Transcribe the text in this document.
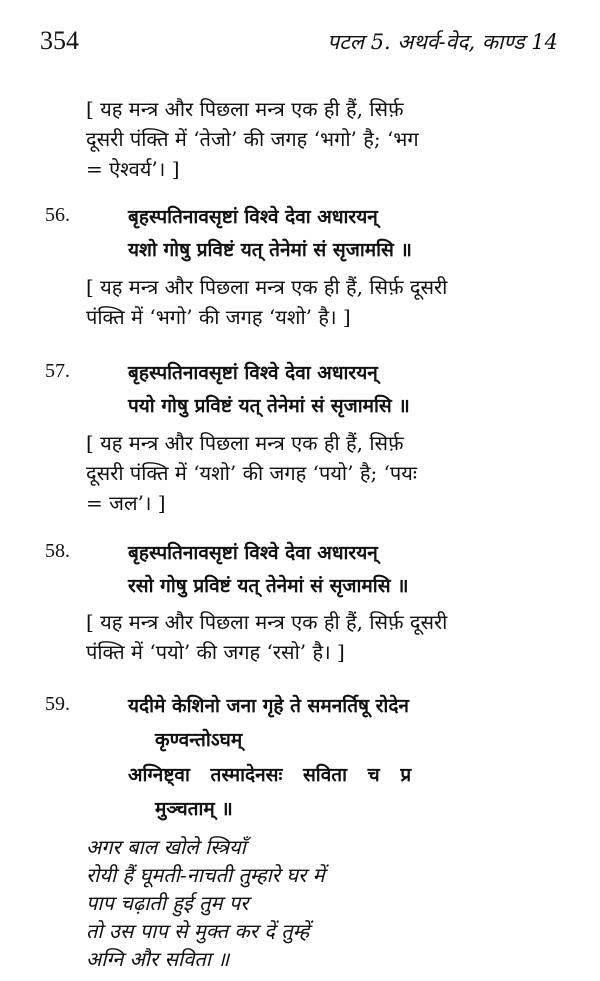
354	पटल 5. अथर्व-वेद, काण्ड 14
[ यह मन्त्र और पिछला मन्त्र एक ही हैं, सिर्फ़
दूसरी पंक्ति में ‘तेजो’ की जगह ‘भगो’ है; ‘भग
= ऐश्वर्य’। ]
56.	बृहस्पतिनावसृष्टां विश्वे देवा अधारयन्
यशो गोषु प्रविष्टं यत् तेनेमां सं सृजामसि ॥
[ यह मन्त्र और पिछला मन्त्र एक ही हैं, सिर्फ़ दूसरी
पंक्ति में ‘भगो’ की जगह ‘यशो’ है। ]
57.	बृहस्पतिनावसृष्टां विश्वे देवा अधारयन्
पयो गोषु प्रविष्टं यत् तेनेमां सं सृजामसि ॥
[ यह मन्त्र और पिछला मन्त्र एक ही हैं, सिर्फ़
दूसरी पंक्ति में ‘यशो’ की जगह ‘पयो’ है; ‘पयः
= जल’। ]
58.	बृहस्पतिनावसृष्टां विश्वे देवा अधारयन्
रसो गोषु प्रविष्टं यत् तेनेमां सं सृजामसि ॥
[ यह मन्त्र और पिछला मन्त्र एक ही हैं, सिर्फ़ दूसरी
पंक्ति में ‘पयो’ की जगह ‘रसो’ है। ]
59.	यदीमे केशिनो जना गृहे ते समनर्तिषू रोदेन
कृण्वन्तोऽघम्
अग्निष्ट्वा तस्मादेनसः सविता च प्र
मुञ्चताम् ॥
अगर बाल खोले स्त्रियाँ
रोयी हैं घूमती-नाचती तुम्हारे घर में
पाप चढ़ाती हुई तुम पर
तो उस पाप से मुक्त कर दें तुम्हें
अग्नि और सविता ॥
